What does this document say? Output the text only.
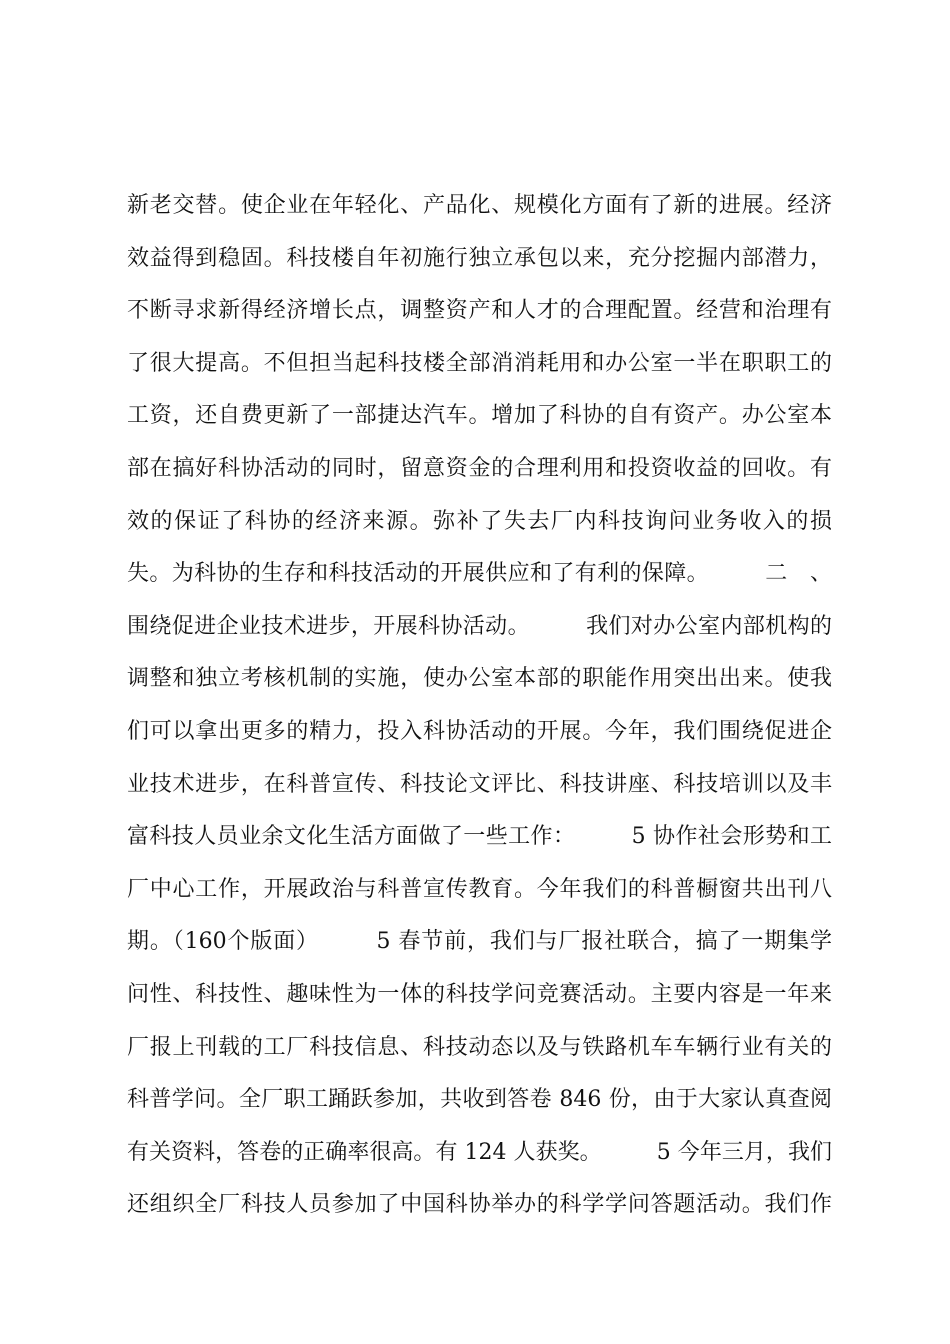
新老交替。使企业在年轻化、产品化、规模化方面有了新的进展。经济
效益得到稳固。科技楼自年初施行独立承包以来，充分挖掘内部潜力，
不断寻求新得经济增长点，调整资产和人才的合理配置。经营和治理有
了很大提高。不但担当起科技楼全部消消耗用和办公室一半在职职工的
工资，还自费更新了一部捷达汽车。增加了科协的自有资产。办公室本
部在搞好科协活动的同时，留意资金的合理利用和投资收益的回收。有
效的保证了科协的经济来源。弥补了失去厂内科技询问业务收入的损
失。为科协的生存和科技活动的开展供应和了有利的保障。　　　二　、
围绕促进企业技术进步，开展科协活动。　　　我们对办公室内部机构的
调整和独立考核机制的实施，使办公室本部的职能作用突出出来。使我
们可以拿出更多的精力，投入科协活动的开展。今年，我们围绕促进企
业技术进步，在科普宣传、科技论文评比、科技讲座、科技培训以及丰
富科技人员业余文化生活方面做了一些工作：　　　5 协作社会形势和工
厂中心工作，开展政治与科普宣传教育。今年我们的科普橱窗共出刊八
期。（160个版面）　　　5 春节前，我们与厂报社联合，搞了一期集学
问性、科技性、趣味性为一体的科技学问竞赛活动。主要内容是一年来
厂报上刊载的工厂科技信息、科技动态以及与铁路机车车辆行业有关的
科普学问。全厂职工踊跃参加，共收到答卷 846 份，由于大家认真查阅
有关资料，答卷的正确率很高。有 124 人获奖。　　　5 今年三月，我们
还组织全厂科技人员参加了中国科协举办的科学学问答题活动。我们作
